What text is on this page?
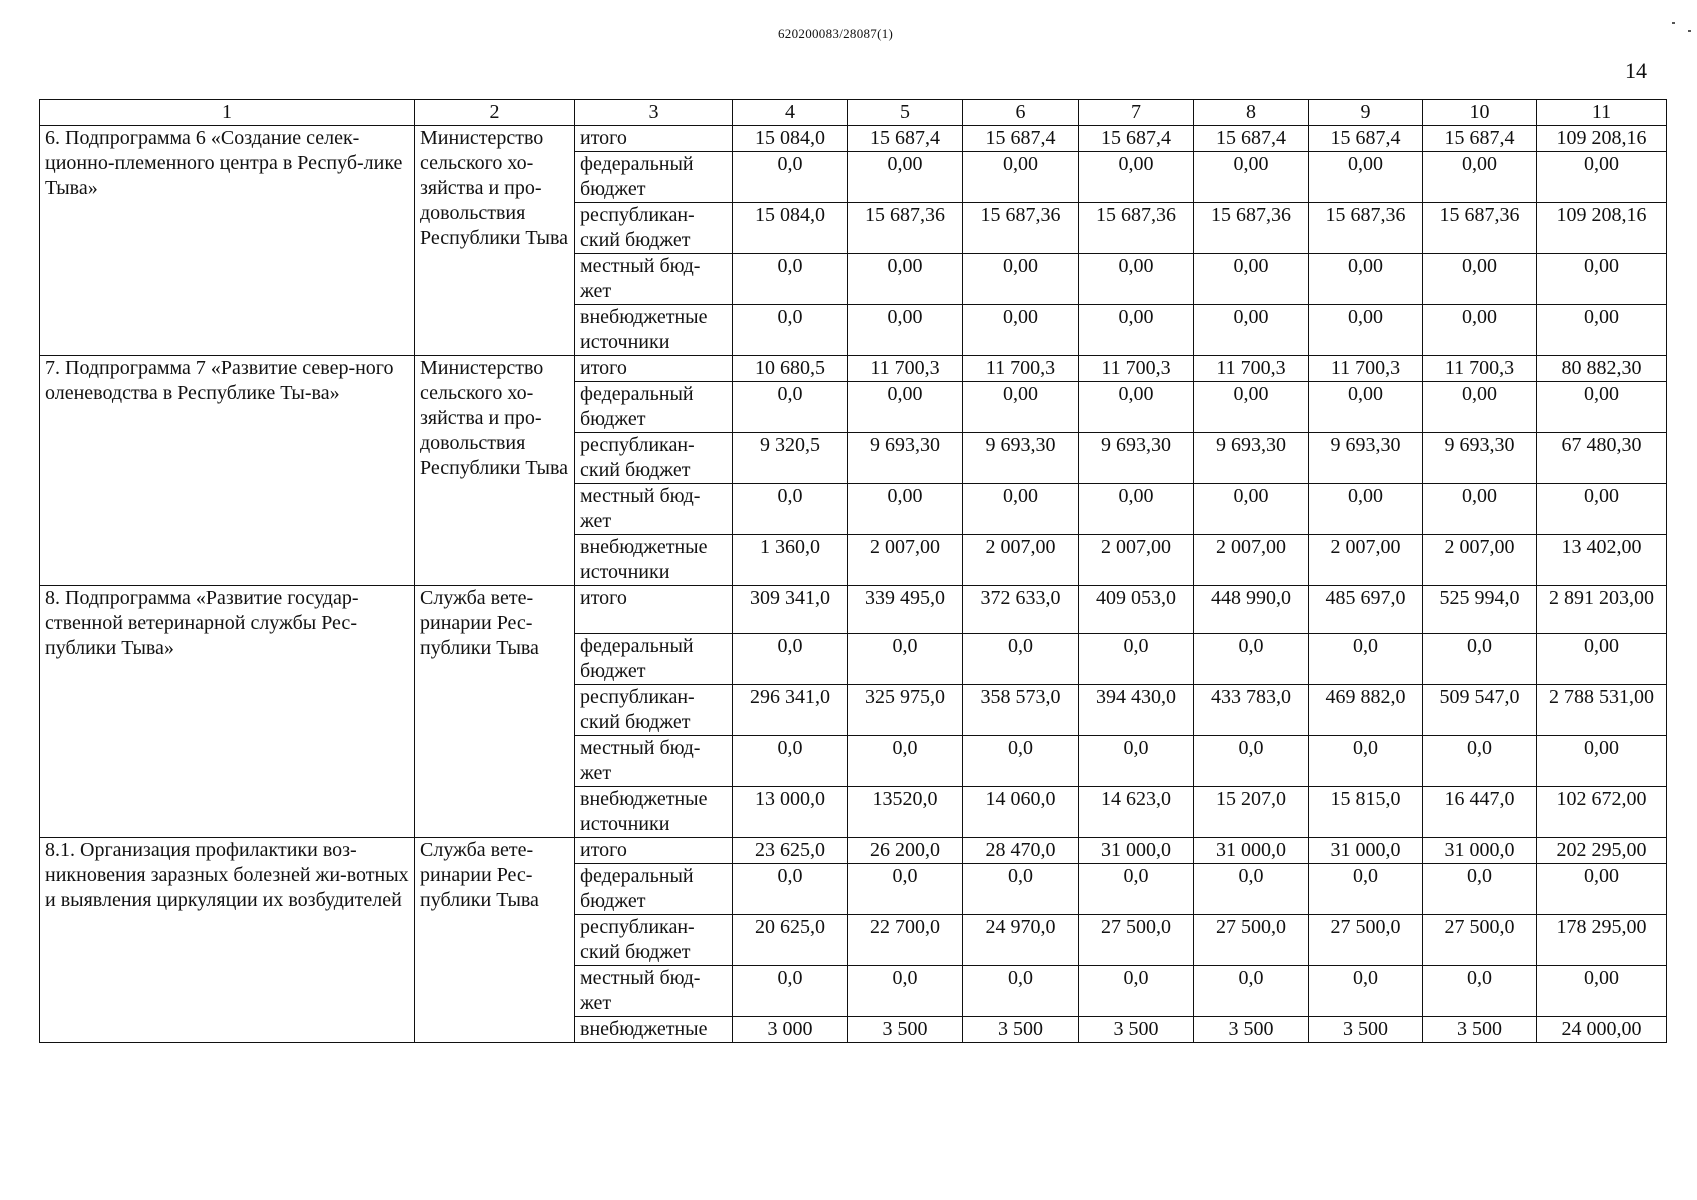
620200083/28087(1)
14
1	2	3	4	5	6	7	8	9	10	11
6. Подпрограмма 6 «Создание селек-ционно-племенного центра в Респуб-лике Тыва»	Министерство сельского хо-зяйства и про-довольствия Республики Тыва	итого	15 084,0	15 687,4	15 687,4	15 687,4	15 687,4	15 687,4	15 687,4	109 208,16
		федеральный бюджет	0,0	0,00	0,00	0,00	0,00	0,00	0,00	0,00
		республикан-ский бюджет	15 084,0	15 687,36	15 687,36	15 687,36	15 687,36	15 687,36	15 687,36	109 208,16
		местный бюд-жет	0,0	0,00	0,00	0,00	0,00	0,00	0,00	0,00
		внебюджетные источники	0,0	0,00	0,00	0,00	0,00	0,00	0,00	0,00
7. Подпрограмма 7 «Развитие север-ного оленеводства в Республике Ты-ва»	Министерство сельского хо-зяйства и про-довольствия Республики Тыва	итого	10 680,5	11 700,3	11 700,3	11 700,3	11 700,3	11 700,3	11 700,3	80 882,30
		федеральный бюджет	0,0	0,00	0,00	0,00	0,00	0,00	0,00	0,00
		республикан-ский бюджет	9 320,5	9 693,30	9 693,30	9 693,30	9 693,30	9 693,30	9 693,30	67 480,30
		местный бюд-жет	0,0	0,00	0,00	0,00	0,00	0,00	0,00	0,00
		внебюджетные источники	1 360,0	2 007,00	2 007,00	2 007,00	2 007,00	2 007,00	2 007,00	13 402,00
8. Подпрограмма «Развитие государ-ственной ветеринарной службы Рес-публики Тыва»	Служба вете-ринарии Рес-публики Тыва	итого	309 341,0	339 495,0	372 633,0	409 053,0	448 990,0	485 697,0	525 994,0	2 891 203,00
		федеральный бюджет	0,0	0,0	0,0	0,0	0,0	0,0	0,0	0,00
		республикан-ский бюджет	296 341,0	325 975,0	358 573,0	394 430,0	433 783,0	469 882,0	509 547,0	2 788 531,00
		местный бюд-жет	0,0	0,0	0,0	0,0	0,0	0,0	0,0	0,00
		внебюджетные источники	13 000,0	13520,0	14 060,0	14 623,0	15 207,0	15 815,0	16 447,0	102 672,00
8.1. Организация профилактики воз-никновения заразных болезней жи-вотных и выявления циркуляции их возбудителей	Служба вете-ринарии Рес-публики Тыва	итого	23 625,0	26 200,0	28 470,0	31 000,0	31 000,0	31 000,0	31 000,0	202 295,00
		федеральный бюджет	0,0	0,0	0,0	0,0	0,0	0,0	0,0	0,00
		республикан-ский бюджет	20 625,0	22 700,0	24 970,0	27 500,0	27 500,0	27 500,0	27 500,0	178 295,00
		местный бюд-жет	0,0	0,0	0,0	0,0	0,0	0,0	0,0	0,00
		внебюджетные	3 000	3 500	3 500	3 500	3 500	3 500	3 500	24 000,00
